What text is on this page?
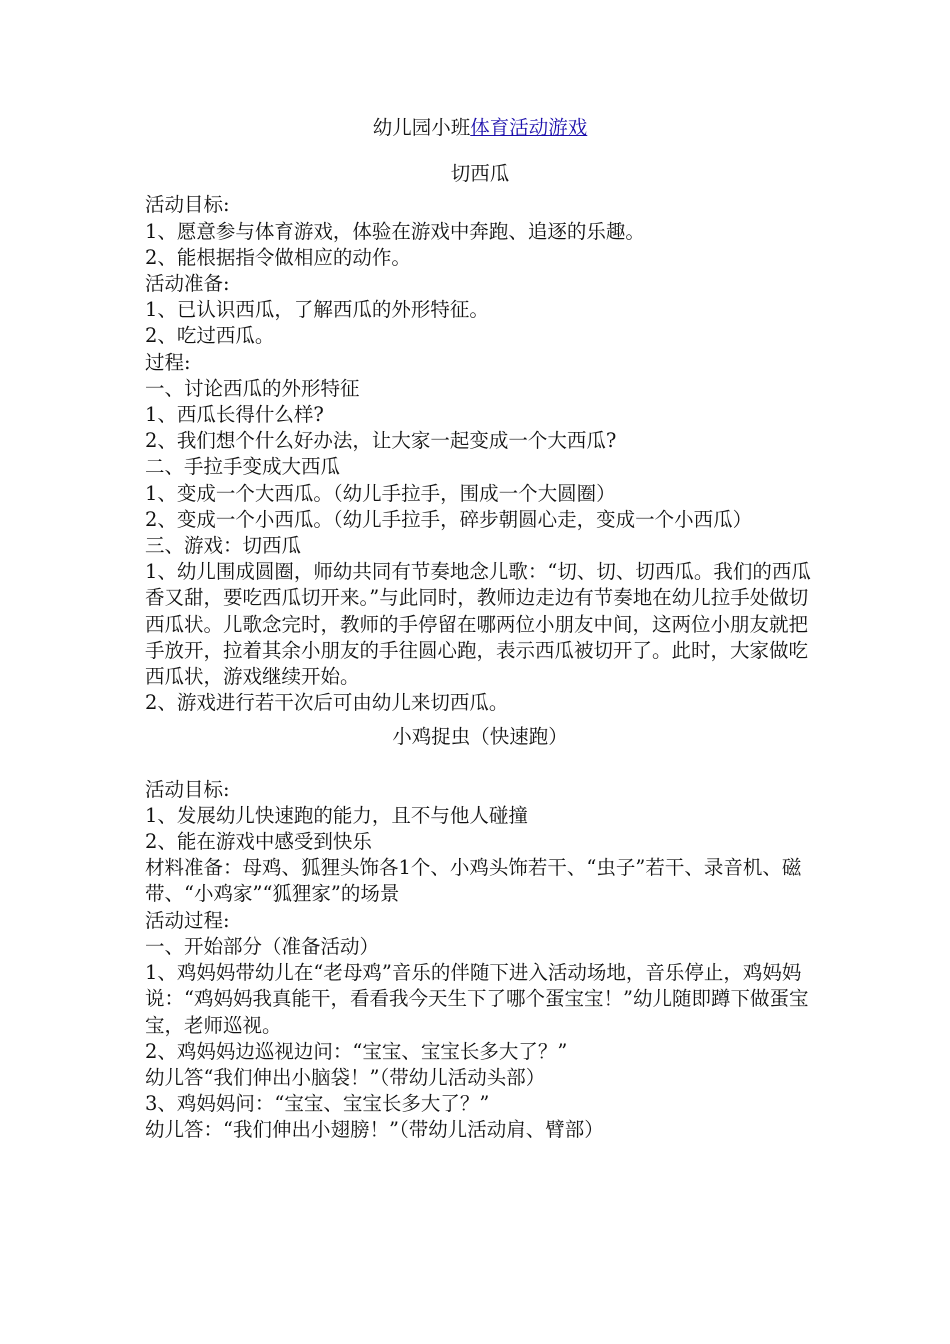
幼儿园小班体育活动游戏

切西瓜

活动目标:

1、愿意参与体育游戏，体验在游戏中奔跑、追逐的乐趣。

2、能根据指令做相应的动作。

活动准备:

1、已认识西瓜，了解西瓜的外形特征。

2、吃过西瓜。

过程:

一、讨论西瓜的外形特征

1、西瓜长得什么样?

2、我们想个什么好办法，让大家一起变成一个大西瓜?

二、手拉手变成大西瓜

1、变成一个大西瓜。（幼儿手拉手，围成一个大圆圈）

2、变成一个小西瓜。（幼儿手拉手，碎步朝圆心走，变成一个小西瓜）

三、游戏：切西瓜

1、幼儿围成圆圈，师幼共同有节奏地念儿歌：“切、切、切西瓜。我们的西瓜香又甜，要吃西瓜切开来。”与此同时，教师边走边有节奏地在幼儿拉手处做切西瓜状。儿歌念完时，教师的手停留在哪两位小朋友中间，这两位小朋友就把手放开，拉着其余小朋友的手往圆心跑，表示西瓜被切开了。此时，大家做吃西瓜状，游戏继续开始。

2、游戏进行若干次后可由幼儿来切西瓜。

小鸡捉虫（快速跑）

活动目标:

1、发展幼儿快速跑的能力，且不与他人碰撞

2、能在游戏中感受到快乐

材料准备：母鸡、狐狸头饰各1个、小鸡头饰若干、“虫子”若干、录音机、磁带、“小鸡家”“狐狸家”的场景

活动过程:

一、开始部分（准备活动）

1、鸡妈妈带幼儿在“老母鸡”音乐的伴随下进入活动场地，音乐停止，鸡妈妈说：“鸡妈妈我真能干，看看我今天生下了哪个蛋宝宝！”幼儿随即蹲下做蛋宝宝，老师巡视。

2、鸡妈妈边巡视边问：“宝宝、宝宝长多大了？”

幼儿答“我们伸出小脑袋！”（带幼儿活动头部）

3、鸡妈妈问：“宝宝、宝宝长多大了？”

幼儿答：“我们伸出小翅膀！”（带幼儿活动肩、臂部）
